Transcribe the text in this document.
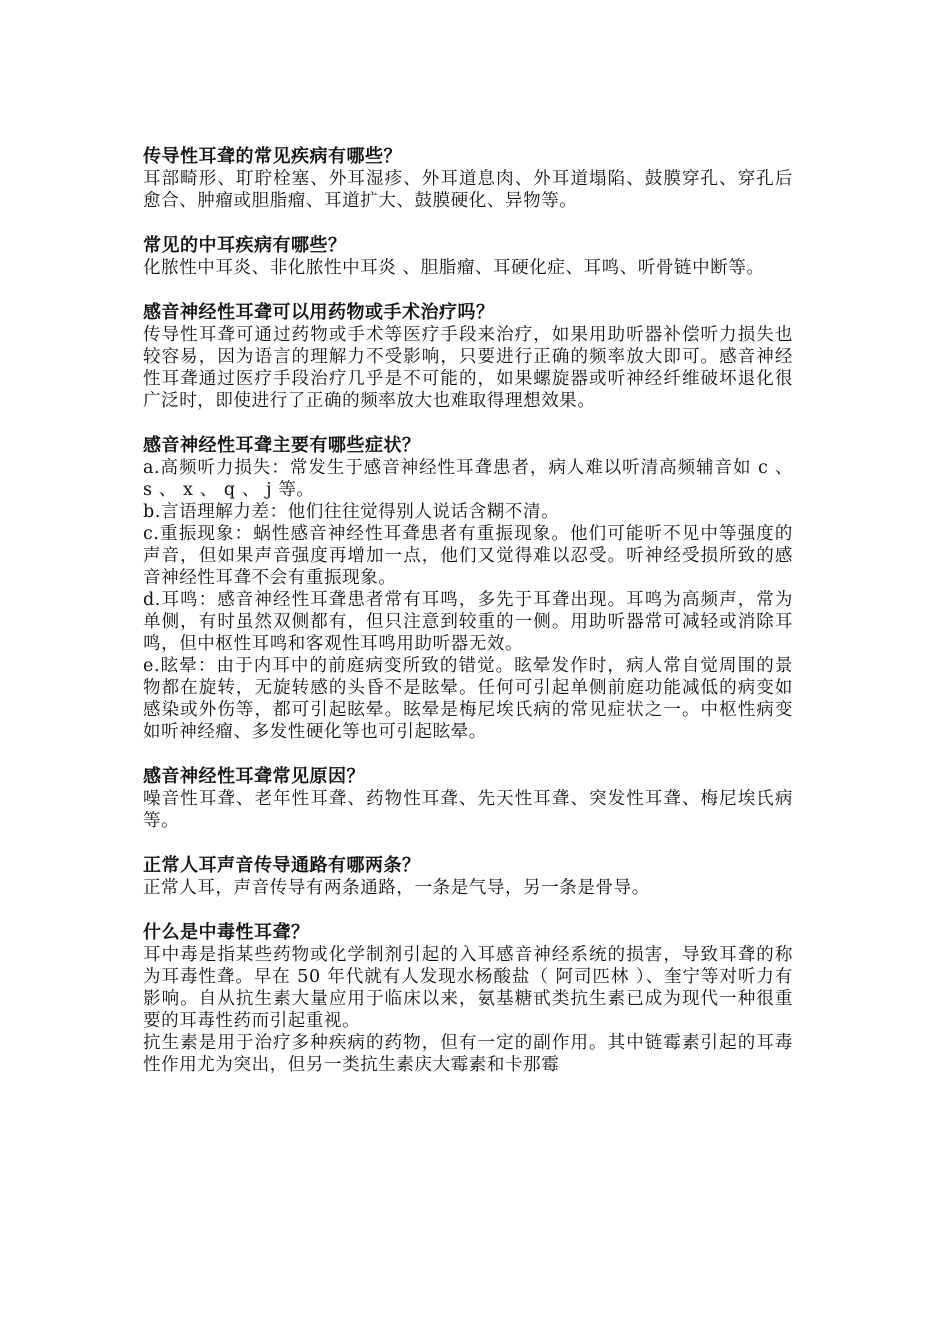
传导性耳聋的常见疾病有哪些？

耳部畸形、耵聍栓塞、外耳湿疹、外耳道息肉、外耳道塌陷、鼓膜穿孔、穿孔后愈合、肿瘤或胆脂瘤、耳道扩大、鼓膜硬化、异物等。

常见的中耳疾病有哪些？

化脓性中耳炎、非化脓性中耳炎 、胆脂瘤、耳硬化症、耳鸣、听骨链中断等。

感音神经性耳聋可以用药物或手术治疗吗？

传导性耳聋可通过药物或手术等医疗手段来治疗，如果用助听器补偿听力损失也较容易，因为语言的理解力不受影响，只要进行正确的频率放大即可。感音神经性耳聋通过医疗手段治疗几乎是不可能的，如果螺旋器或听神经纤维破坏退化很广泛时，即使进行了正确的频率放大也难取得理想效果。

感音神经性耳聋主要有哪些症状？

a.高频听力损失：常发生于感音神经性耳聋患者，病人难以听清高频辅音如 c 、 s 、 x 、 q 、 j 等。

b.言语理解力差：他们往往觉得别人说话含糊不清。

c.重振现象：蜗性感音神经性耳聋患者有重振现象。他们可能听不见中等强度的声音，但如果声音强度再增加一点，他们又觉得难以忍受。听神经受损所致的感音神经性耳聋不会有重振现象。

d.耳鸣：感音神经性耳聋患者常有耳鸣，多先于耳聋出现。耳鸣为高频声，常为单侧，有时虽然双侧都有，但只注意到较重的一侧。用助听器常可减轻或消除耳鸣，但中枢性耳鸣和客观性耳鸣用助听器无效。

e.眩晕：由于内耳中的前庭病变所致的错觉。眩晕发作时，病人常自觉周围的景物都在旋转，无旋转感的头昏不是眩晕。任何可引起单侧前庭功能减低的病变如感染或外伤等，都可引起眩晕。眩晕是梅尼埃氏病的常见症状之一。中枢性病变如听神经瘤、多发性硬化等也可引起眩晕。

感音神经性耳聋常见原因？

噪音性耳聋、老年性耳聋、药物性耳聋、先天性耳聋、突发性耳聋、梅尼埃氏病等。

正常人耳声音传导通路有哪两条？

正常人耳，声音传导有两条通路，一条是气导，另一条是骨导。

什么是中毒性耳聋？

耳中毒是指某些药物或化学制剂引起的入耳感音神经系统的损害，导致耳聋的称为耳毒性聋。早在 50 年代就有人发现水杨酸盐（ 阿司匹林 ）、奎宁等对听力有影响。自从抗生素大量应用于临床以来，氨基糖甙类抗生素已成为现代一种很重要的耳毒性药而引起重视。

抗生素是用于治疗多种疾病的药物，但有一定的副作用。其中链霉素引起的耳毒性作用尤为突出，但另一类抗生素庆大霉素和卡那霉
